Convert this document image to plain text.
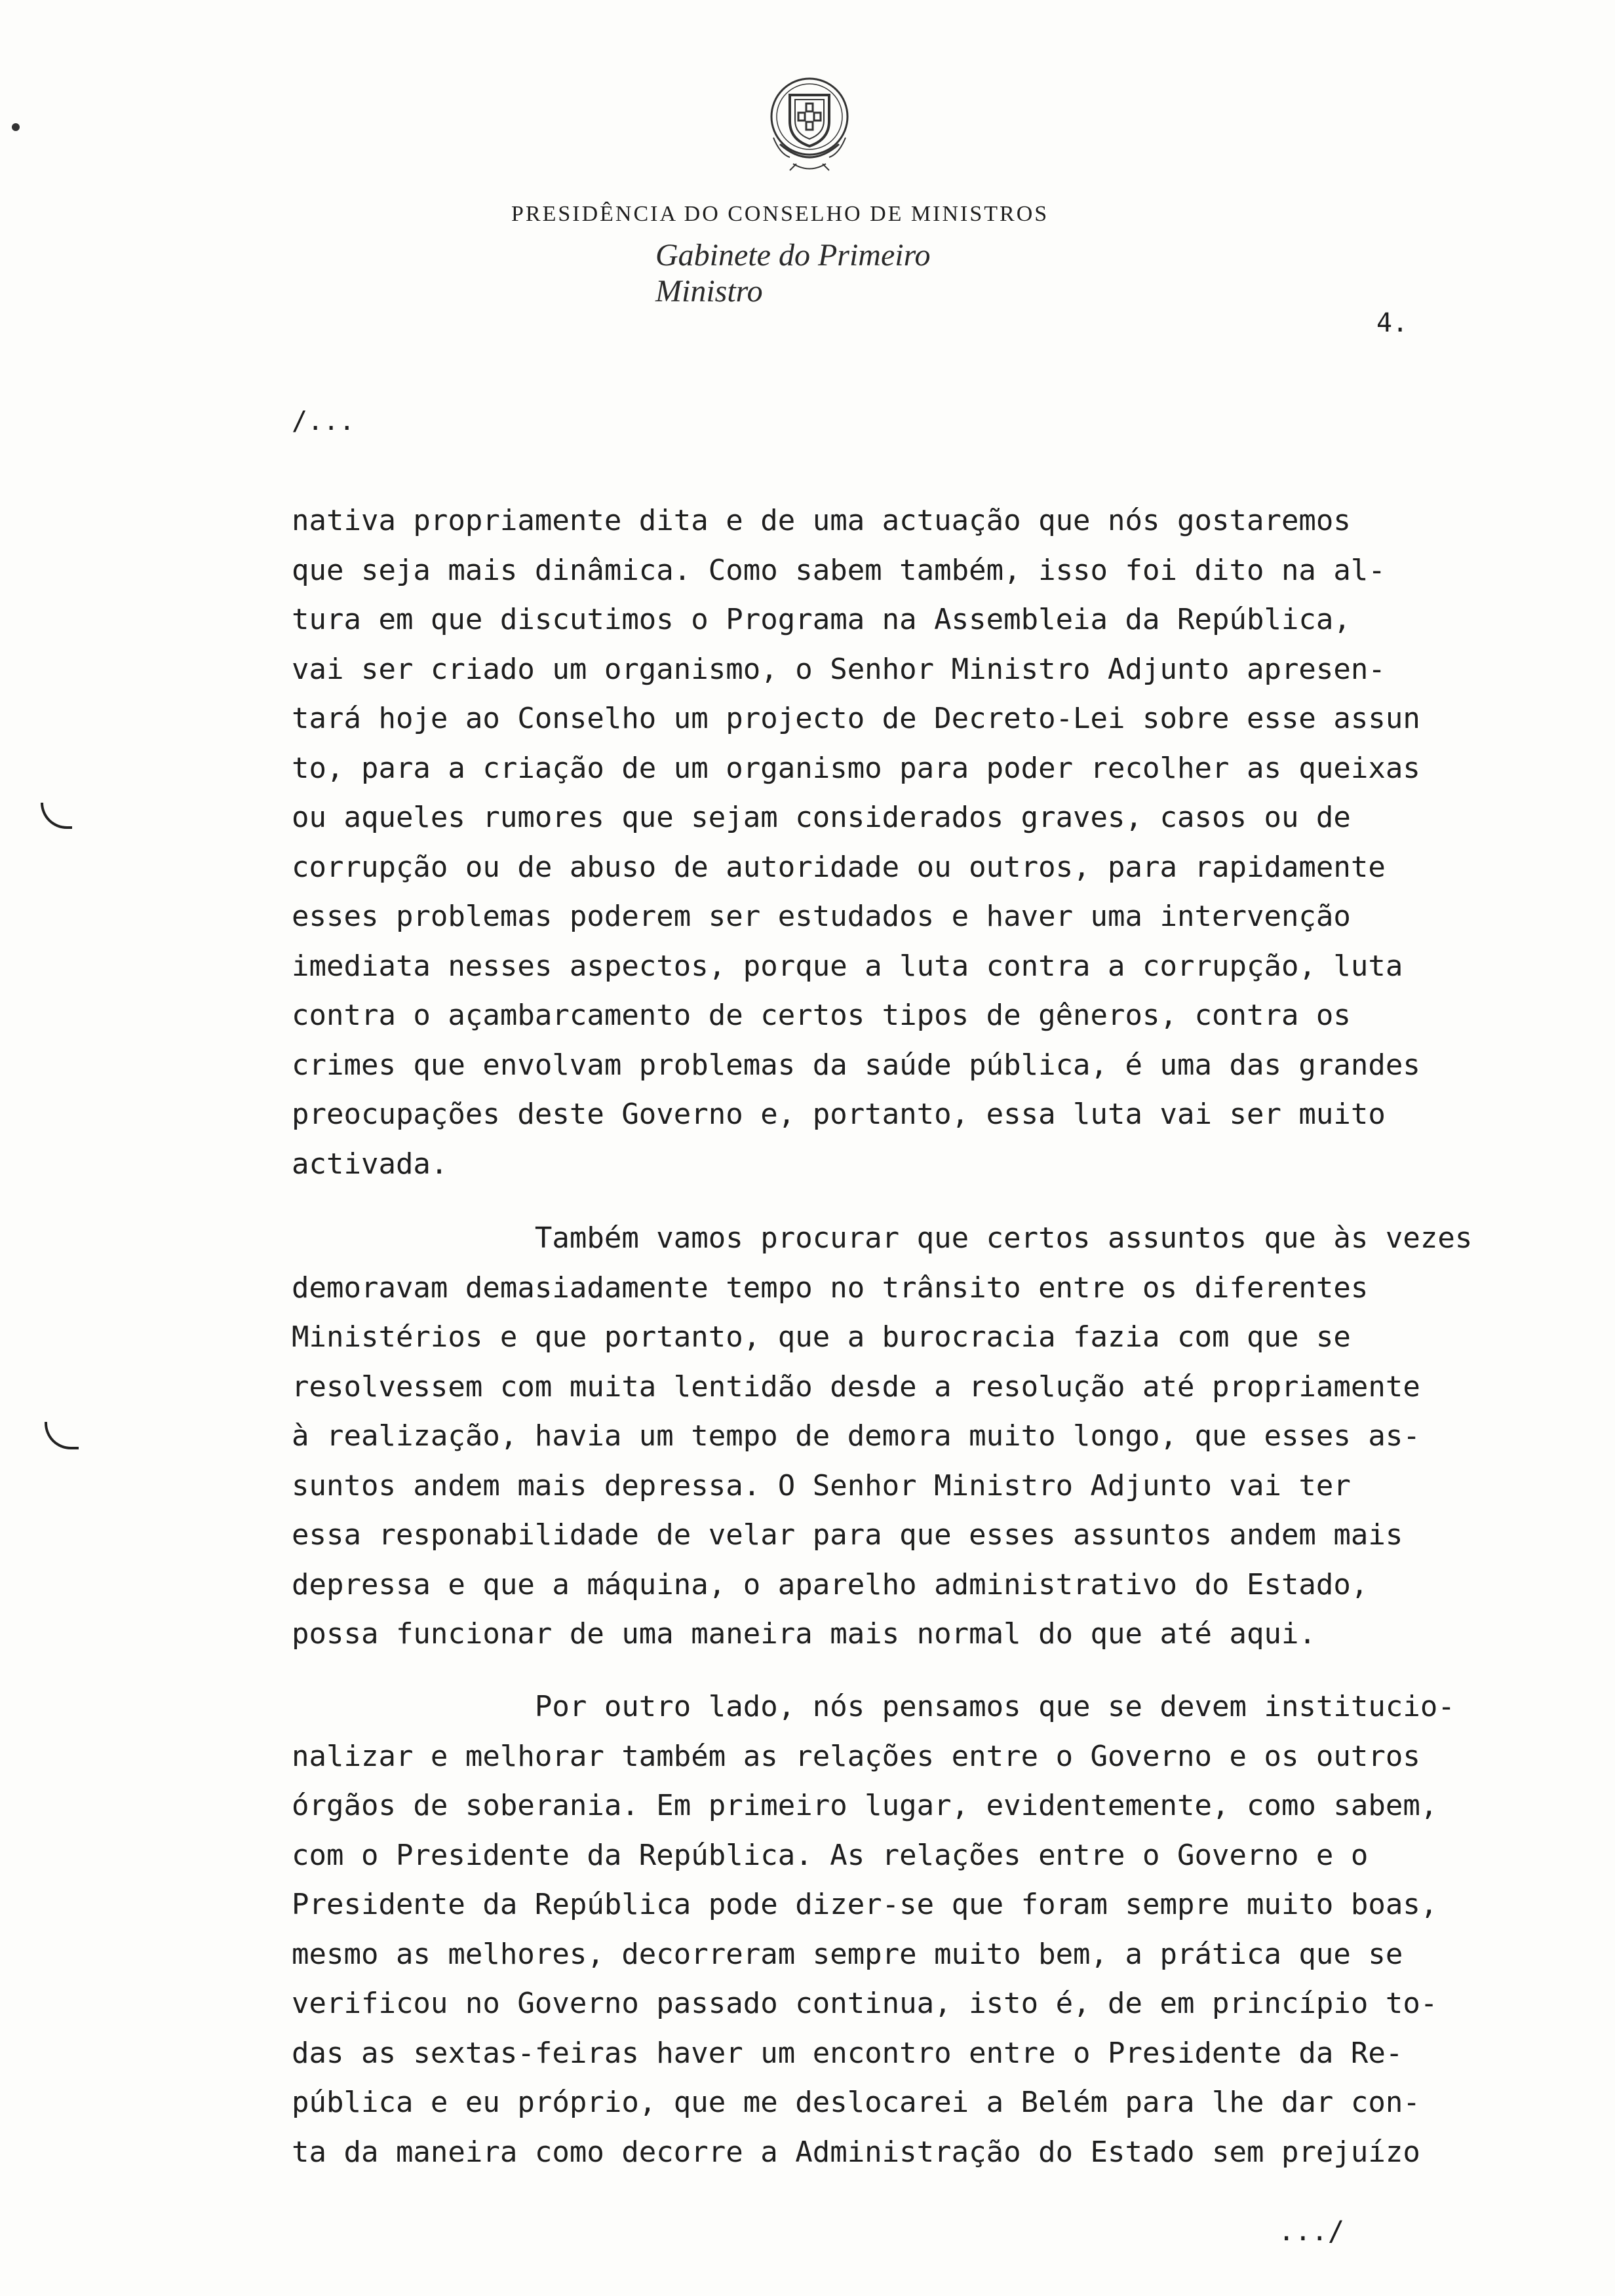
PRESIDÊNCIA DO CONSELHO DE MINISTROS
Gabinete do Primeiro Ministro
4.
/...
nativa propriamente dita e de uma actuação que nós gostaremos
que seja mais dinâmica. Como sabem também, isso foi dito na al-
tura em que discutimos o Programa na Assembleia da República,
vai ser criado um organismo, o Senhor Ministro Adjunto apresen-
tará hoje ao Conselho um projecto de Decreto-Lei sobre esse assun
to, para a criação de um organismo para poder recolher as queixas
ou aqueles rumores que sejam considerados graves, casos ou de
corrupção ou de abuso de autoridade ou outros, para rapidamente
esses problemas poderem ser estudados e haver uma intervenção
imediata nesses aspectos, porque a luta contra a corrupção, luta
contra o açambarcamento de certos tipos de gêneros, contra os
crimes que envolvam problemas da saúde pública, é uma das grandes
preocupações deste Governo e, portanto, essa luta vai ser muito
activada.
Também vamos procurar que certos assuntos que às vezes
demoravam demasiadamente tempo no trânsito entre os diferentes
Ministérios e que portanto, que a burocracia fazia com que se
resolvessem com muita lentidão desde a resolução até propriamente
à realização, havia um tempo de demora muito longo, que esses as-
suntos andem mais depressa. O Senhor Ministro Adjunto vai ter
essa responabilidade de velar para que esses assuntos andem mais
depressa e que a máquina, o aparelho administrativo do Estado,
possa funcionar de uma maneira mais normal do que até aqui.
Por outro lado, nós pensamos que se devem institucio-
nalizar e melhorar também as relações entre o Governo e os outros
órgãos de soberania. Em primeiro lugar, evidentemente, como sabem,
com o Presidente da República. As relações entre o Governo e o
Presidente da República pode dizer-se que foram sempre muito boas,
mesmo as melhores, decorreram sempre muito bem, a prática que se
verificou no Governo passado continua, isto é, de em princípio to-
das as sextas-feiras haver um encontro entre o Presidente da Re-
pública e eu próprio, que me deslocarei a Belém para lhe dar con-
ta da maneira como decorre a Administração do Estado sem prejuízo
.../
